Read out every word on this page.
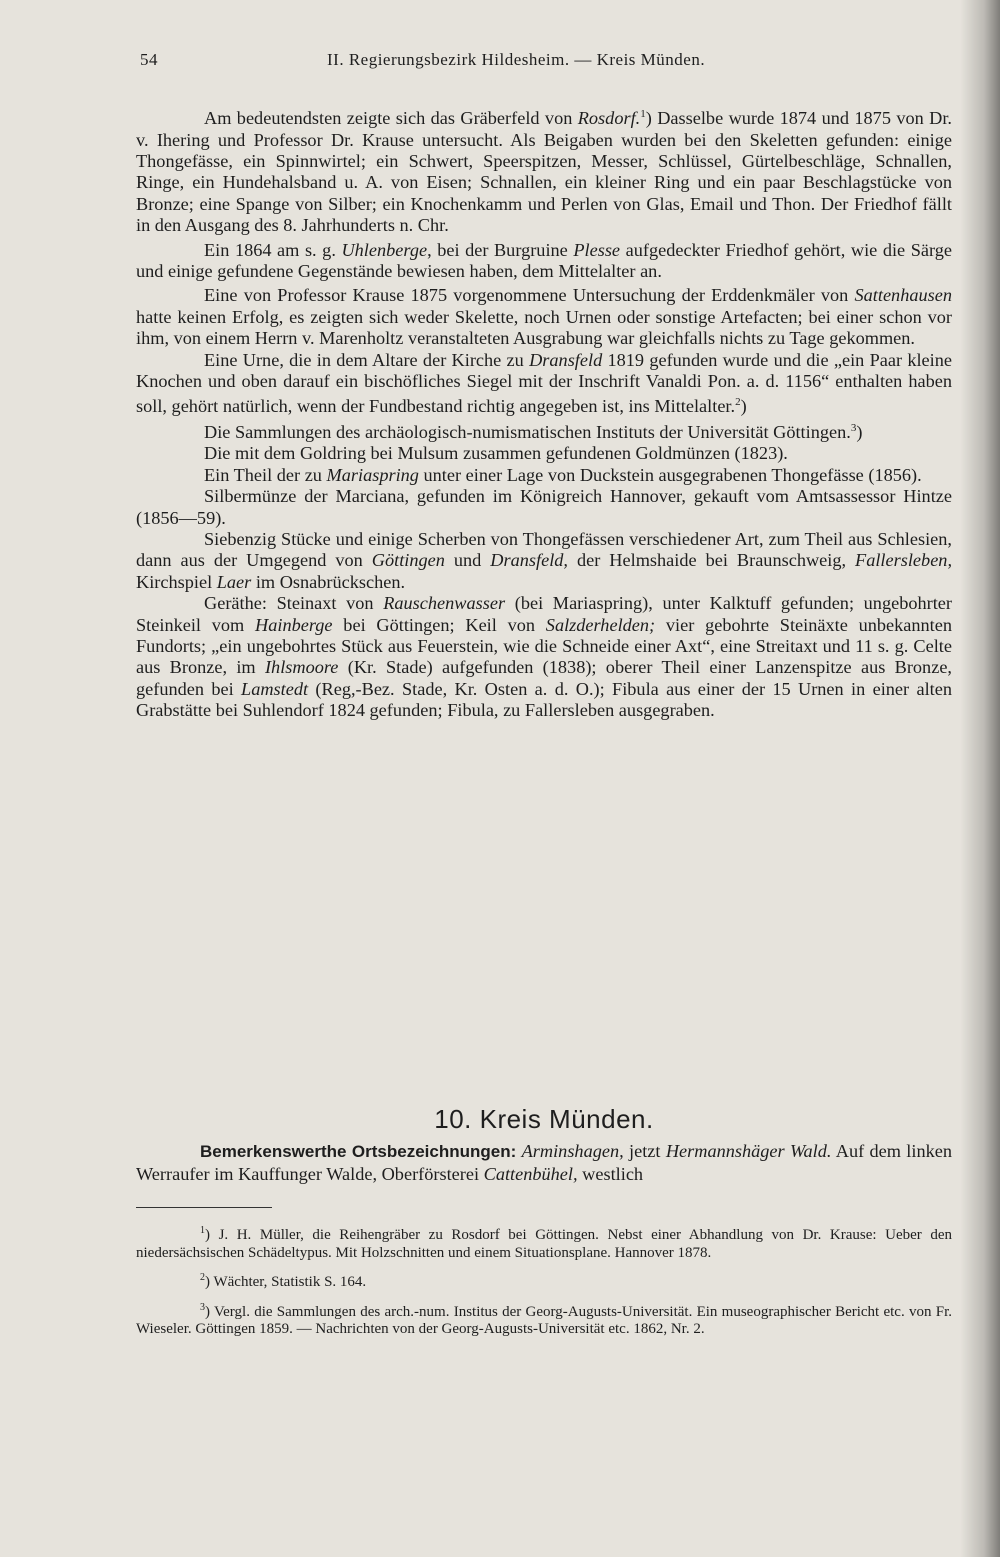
54	II. Regierungsbezirk Hildesheim. — Kreis Münden.

Am bedeutendsten zeigte sich das Gräberfeld von Rosdorf.$^1$) Dasselbe wurde 1874 und 1875 von Dr. v. Ihering und Professor Dr. Krause untersucht. Als Beigaben wurden bei den Skeletten gefunden: einige Thongefässe, ein Spinnwirtel; ein Schwert, Speerspitzen, Messer, Schlüssel, Gürtelbeschläge, Schnallen, Ringe, ein Hundehalsband u. A. von Eisen; Schnallen, ein kleiner Ring und ein paar Beschlagstücke von Bronze; eine Spange von Silber; ein Knochenkamm und Perlen von Glas, Email und Thon. Der Friedhof fällt in den Ausgang des 8. Jahrhunderts n. Chr.

Ein 1864 am s. g. Uhlenberge, bei der Burgruine Plesse aufgedeckter Friedhof gehört, wie die Särge und einige gefundene Gegenstände bewiesen haben, dem Mittelalter an.

Eine von Professor Krause 1875 vorgenommene Untersuchung der Erddenkmäler von Sattenhausen hatte keinen Erfolg, es zeigten sich weder Skelette, noch Urnen oder sonstige Artefacten; bei einer schon vor ihm, von einem Herrn v. Marenholtz veranstalteten Ausgrabung war gleichfalls nichts zu Tage gekommen.

Eine Urne, die in dem Altare der Kirche zu Dransfeld 1819 gefunden wurde und die „ein Paar kleine Knochen und oben darauf ein bischöfliches Siegel mit der Inschrift Vanaldi Pon. a. d. 1156“ enthalten haben soll, gehört natürlich, wenn der Fundbestand richtig angegeben ist, ins Mittelalter.$^2$)

Die Sammlungen des archäologisch-numismatischen Instituts der Universität Göttingen.$^3$)

Die mit dem Goldring bei Mulsum zusammen gefundenen Goldmünzen (1823).

Ein Theil der zu Mariaspring unter einer Lage von Duckstein ausgegrabenen Thongefässe (1856).

Silbermünze der Marciana, gefunden im Königreich Hannover, gekauft vom Amtsassessor Hintze (1856—59).

Siebenzig Stücke und einige Scherben von Thongefässen verschiedener Art, zum Theil aus Schlesien, dann aus der Umgegend von Göttingen und Dransfeld, der Helmshaide bei Braunschweig, Fallersleben, Kirchspiel Laer im Osnabrückschen.

Geräthe: Steinaxt von Rauschenwasser (bei Mariaspring), unter Kalktuff gefunden; ungebohrter Steinkeil vom Hainberge bei Göttingen; Keil von Salzderhelden; vier gebohrte Steinäxte unbekannten Fundorts; „ein ungebohrtes Stück aus Feuerstein, wie die Schneide einer Axt“, eine Streitaxt und 11 s. g. Celte aus Bronze, im Ihlsmoore (Kr. Stade) aufgefunden (1838); oberer Theil einer Lanzenspitze aus Bronze, gefunden bei Lamstedt (Reg,-Bez. Stade, Kr. Osten a. d. O.); Fibula aus einer der 15 Urnen in einer alten Grabstätte bei Suhlendorf 1824 gefunden; Fibula, zu Fallersleben ausgegraben.

10. Kreis Münden.

Bemerkenswerthe Ortsbezeichnungen: Arminshagen, jetzt Hermannshäger Wald. Auf dem linken Werraufer im Kauffunger Walde, Oberförsterei Cattenbühel, westlich

$^1$) J. H. Müller, die Reihengräber zu Rosdorf bei Göttingen. Nebst einer Abhandlung von Dr. Krause: Ueber den niedersächsischen Schädeltypus. Mit Holzschnitten und einem Situationsplane. Hannover 1878.

$^2$) Wächter, Statistik S. 164.

$^3$) Vergl. die Sammlungen des arch.-num. Institus der Georg-Augusts-Universität. Ein museographischer Bericht etc. von Fr. Wieseler. Göttingen 1859. — Nachrichten von der Georg-Augusts-Universität etc. 1862, Nr. 2.
